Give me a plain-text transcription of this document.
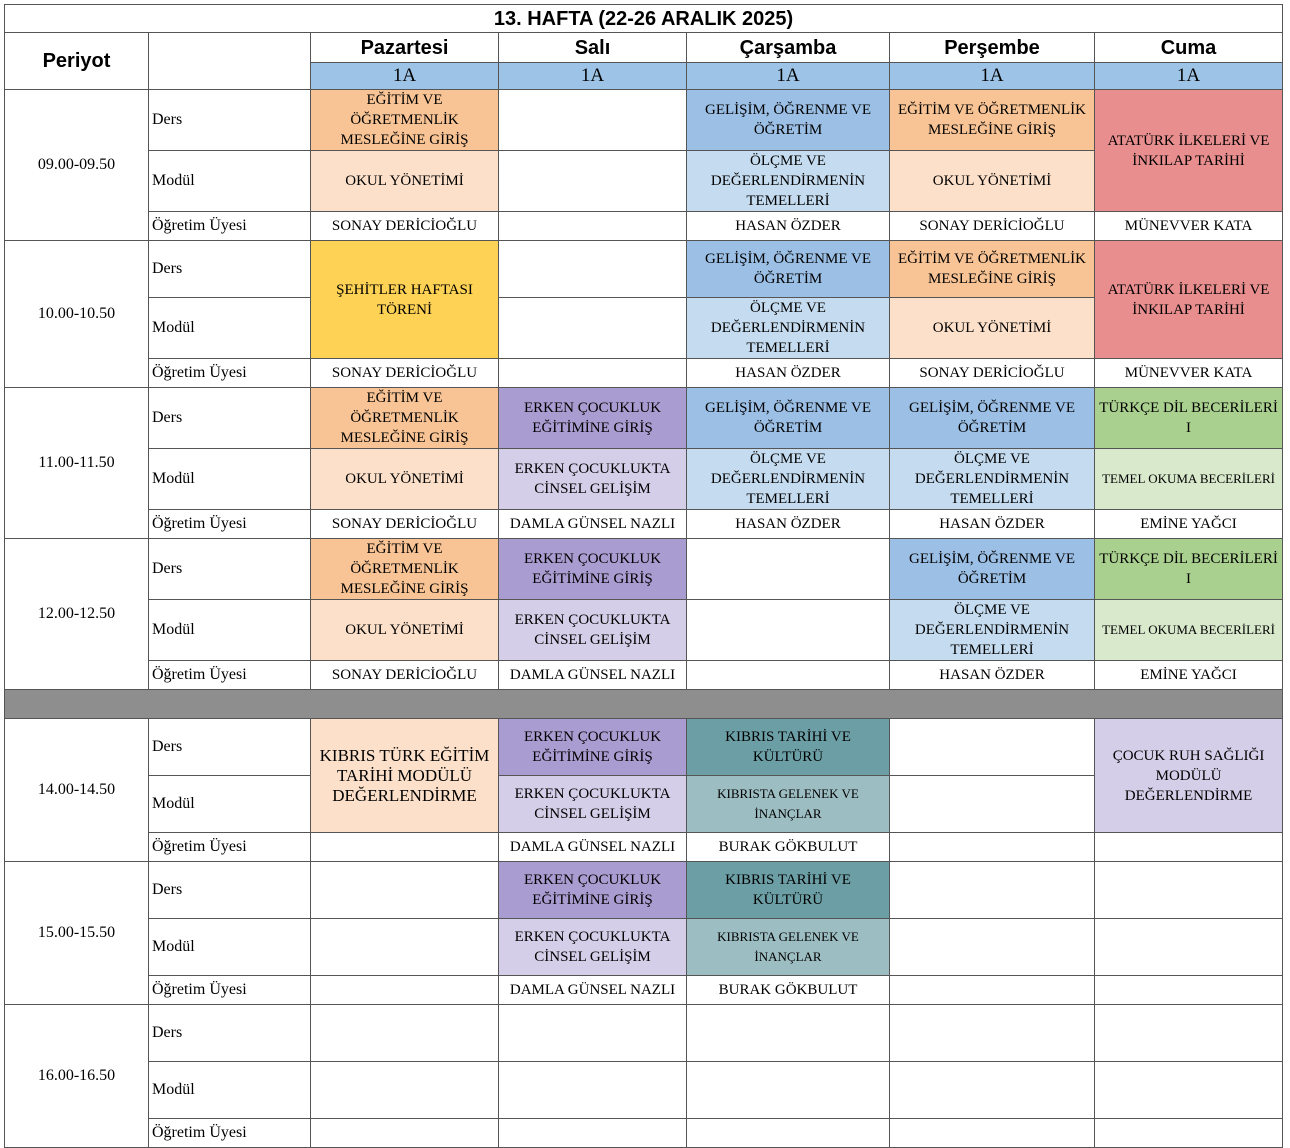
13. HAFTA (22-26 ARALIK 2025)						
Periyot		Pazartesi	Salı	Çarşamba	Perşembe	Cuma
		1A	1A	1A	1A	1A
09.00-09.50	Ders	EĞİTİM VE ÖĞRETMENLİK MESLEĞİNE GİRİŞ		GELİŞİM, ÖĞRENME VE ÖĞRETİM	EĞİTİM VE ÖĞRETMENLİK MESLEĞİNE GİRİŞ	ATATÜRK İLKELERİ VE İNKILAP TARİHİ
	Modül	OKUL YÖNETİMİ		ÖLÇME VE DEĞERLENDİRMENİN TEMELLERİ	OKUL YÖNETİMİ	
	Öğretim Üyesi	SONAY DERİCİOĞLU		HASAN ÖZDER	SONAY DERİCİOĞLU	MÜNEVVER KATA
10.00-10.50	Ders	ŞEHİTLER HAFTASI TÖRENİ		GELİŞİM, ÖĞRENME VE ÖĞRETİM	EĞİTİM VE ÖĞRETMENLİK MESLEĞİNE GİRİŞ	ATATÜRK İLKELERİ VE İNKILAP TARİHİ
	Modül			ÖLÇME VE DEĞERLENDİRMENİN TEMELLERİ	OKUL YÖNETİMİ	
	Öğretim Üyesi	SONAY DERİCİOĞLU		HASAN ÖZDER	SONAY DERİCİOĞLU	MÜNEVVER KATA
11.00-11.50	Ders	EĞİTİM VE ÖĞRETMENLİK MESLEĞİNE GİRİŞ	ERKEN ÇOCUKLUK EĞİTİMİNE GİRİŞ	GELİŞİM, ÖĞRENME VE ÖĞRETİM	GELİŞİM, ÖĞRENME VE ÖĞRETİM	TÜRKÇE DİL BECERİLERİ I
	Modül	OKUL YÖNETİMİ	ERKEN ÇOCUKLUKTA CİNSEL GELİŞİM	ÖLÇME VE DEĞERLENDİRMENİN TEMELLERİ	ÖLÇME VE DEĞERLENDİRMENİN TEMELLERİ	TEMEL OKUMA BECERİLERİ
	Öğretim Üyesi	SONAY DERİCİOĞLU	DAMLA GÜNSEL NAZLI	HASAN ÖZDER	HASAN ÖZDER	EMİNE YAĞCI
12.00-12.50	Ders	EĞİTİM VE ÖĞRETMENLİK MESLEĞİNE GİRİŞ	ERKEN ÇOCUKLUK EĞİTİMİNE GİRİŞ		GELİŞİM, ÖĞRENME VE ÖĞRETİM	TÜRKÇE DİL BECERİLERİ I
	Modül	OKUL YÖNETİMİ	ERKEN ÇOCUKLUKTA CİNSEL GELİŞİM		ÖLÇME VE DEĞERLENDİRMENİN TEMELLERİ	TEMEL OKUMA BECERİLERİ
	Öğretim Üyesi	SONAY DERİCİOĞLU	DAMLA GÜNSEL NAZLI		HASAN ÖZDER	EMİNE YAĞCI

14.00-14.50	Ders	KIBRIS TÜRK EĞİTİM TARİHİ MODÜLÜ DEĞERLENDİRME	ERKEN ÇOCUKLUK EĞİTİMİNE GİRİŞ	KIBRIS TARİHİ VE KÜLTÜRÜ		ÇOCUK RUH SAĞLIĞI MODÜLÜ DEĞERLENDİRME
	Modül		ERKEN ÇOCUKLUKTA CİNSEL GELİŞİM	KIBRISTA GELENEK VE İNANÇLAR		
	Öğretim Üyesi		DAMLA GÜNSEL NAZLI	BURAK GÖKBULUT		
15.00-15.50	Ders		ERKEN ÇOCUKLUK EĞİTİMİNE GİRİŞ	KIBRIS TARİHİ VE KÜLTÜRÜ		
	Modül		ERKEN ÇOCUKLUKTA CİNSEL GELİŞİM	KIBRISTA GELENEK VE İNANÇLAR		
	Öğretim Üyesi		DAMLA GÜNSEL NAZLI	BURAK GÖKBULUT		
16.00-16.50	Ders					
	Modül					
	Öğretim Üyesi					
